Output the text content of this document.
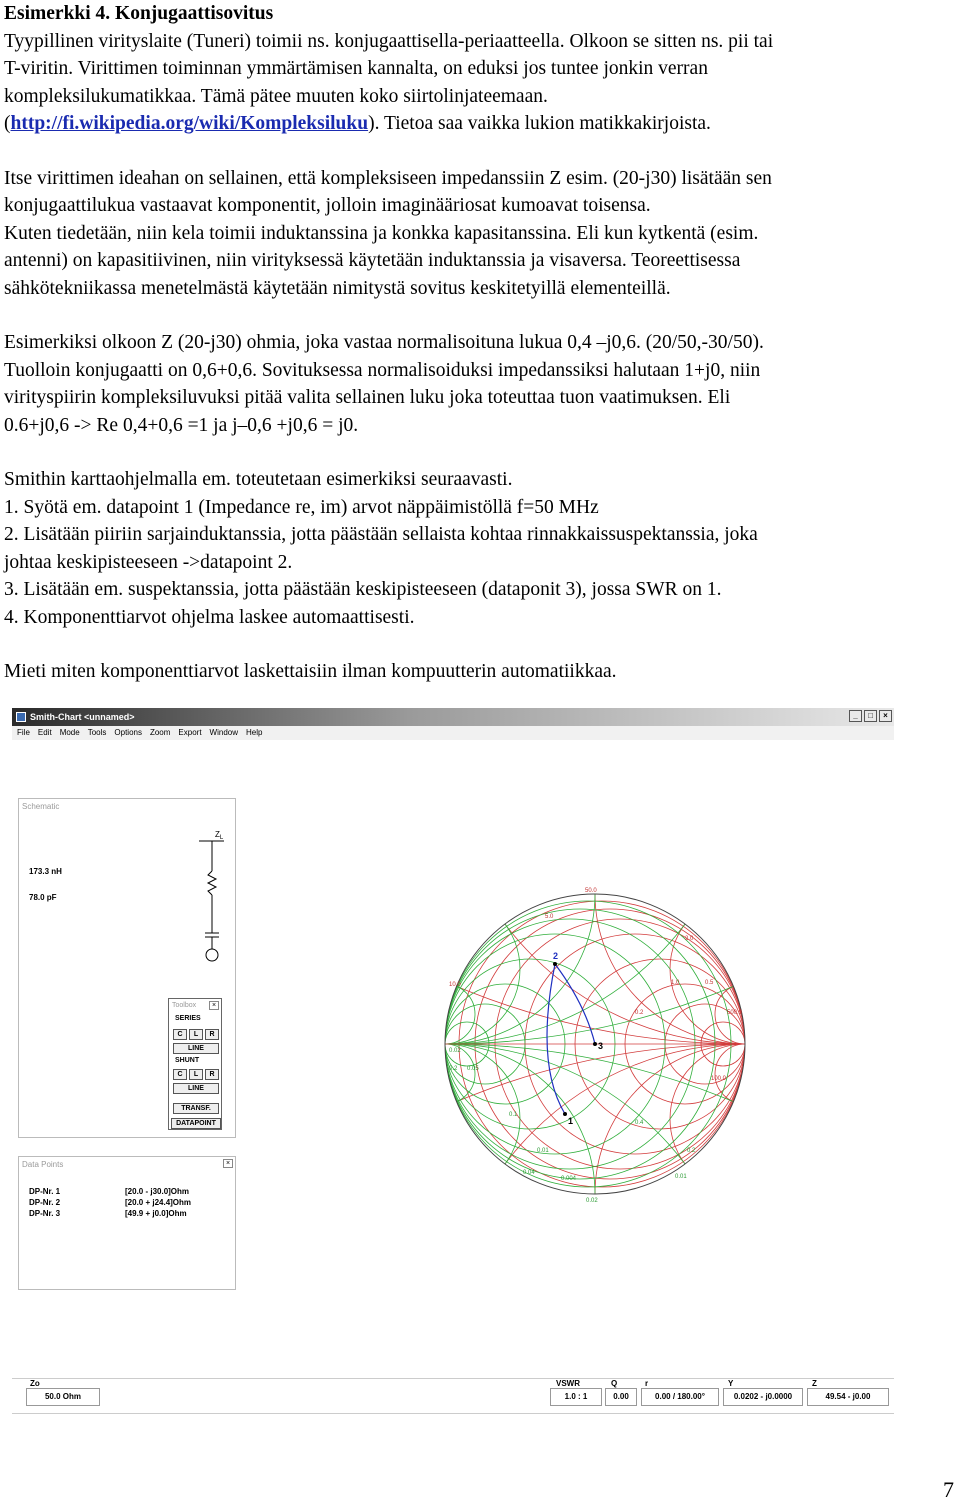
Esimerkki 4. Konjugaattisovitus

Tyypillinen virityslaite (Tuneri) toimii ns. konjugaattisella-periaatteella. Olkoon se sitten ns. pii tai

T-viritin. Virittimen toiminnan ymmärtämisen kannalta, on eduksi jos tuntee jonkin verran

kompleksilukumatikkaa. Tämä pätee muuten koko siirtolinjateemaan.

(http://fi.wikipedia.org/wiki/Kompleksiluku). Tietoa saa vaikka lukion matikkakirjoista.

Itse virittimen ideahan on sellainen, että kompleksiseen impedanssiin Z esim. (20-j30) lisätään sen

konjugaattilukua vastaavat komponentit, jolloin imaginääriosat kumoavat toisensa.

Kuten tiedetään, niin kela toimii induktanssina ja konkka kapasitanssina. Eli kun kytkentä (esim.

antenni) on kapasitiivinen, niin virityksessä käytetään induktanssia ja visaversa. Teoreettisessa

sähkötekniikassa menetelmästä käytetään nimitystä sovitus keskitetyillä elementeillä.

Esimerkiksi olkoon Z (20-j30) ohmia, joka vastaa normalisoituna lukua 0,4 –j0,6. (20/50,-30/50).

Tuolloin konjugaatti on 0,6+0,6. Sovituksessa normalisoiduksi impedanssiksi halutaan 1+j0, niin

virityspiirin kompleksiluvuksi pitää valita sellainen luku joka toteuttaa tuon vaatimuksen. Eli

0.6+j0,6 -> Re 0,4+0,6 =1 ja j–0,6 +j0,6 = j0.

Smithin karttaohjelmalla em. toteutetaan esimerkiksi seuraavasti.

1. Syötä em. datapoint 1 (Impedance re, im) arvot näppäimistöllä f=50 MHz

2. Lisätään piiriin sarjainduktanssia, jotta päästään sellaista kohtaa rinnakkaissuspektanssia, joka

johtaa keskipisteeseen ->datapoint 2.

3. Lisätään em. suspektanssia, jotta päästään keskipisteeseen (dataponit 3), jossa SWR on 1.

4. Komponenttiarvot ohjelma laskee automaattisesti.

Mieti miten komponenttiarvot laskettaisiin ilman kompuutterin automatiikkaa.

Smith-Chart <unnamed>	_	□	×
File Edit Mode Tools Options Zoom Export Window Help
Schematic
$Z_L$
173.3 nH
78.0 pF
Toolbox	×
SERIES
C	L	R
LINE
SHUNT
C	L	R
LINE
TRANSF.
DATAPOINT
Data Points	×
DP-Nr. 1	[20.0 - j30.0]Ohm
DP-Nr. 2	[20.0 + j24.4]Ohm
DP-Nr. 3	[49.9 + j0.0]Ohm
1
2
3
50.0
500.0
10.0
5.0
2.0
1.0	0.5
0.2
100.0
0.02
0.01
0.004
0.04
0.1
0.4
0.2
0.01
0.2 0.05
0.02
Zo
50.0 Ohm
VSWR
1.0 : 1
Q
0.00
r
0.00 / 180.00°
Y
0.0202 - j0.0000
Z
49.54 - j0.00
7
